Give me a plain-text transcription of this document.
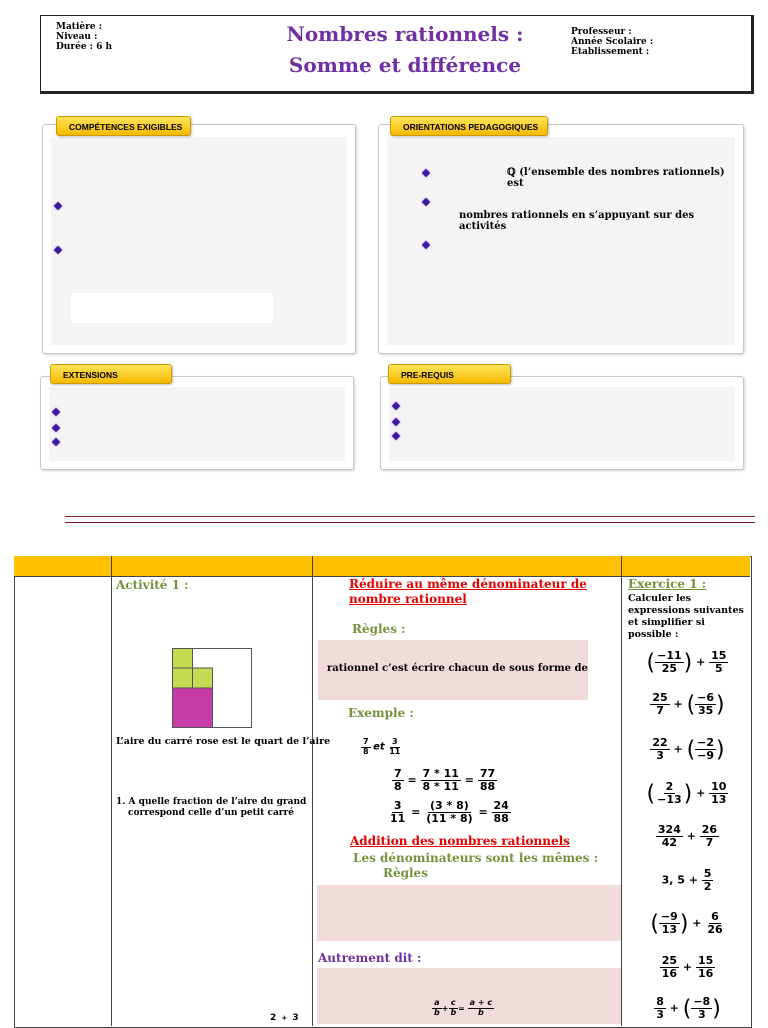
Matière :
Niveau :
Durée : 6 h
Nombres rationnels :
Somme et différence
Professeur :
Année Scolaire :
Etablissement :
COMPÉTENCES EXIGIBLES
ℚ (l’ensemble des nombres rationnels) est
nombres rationnels en s’appuyant sur des activités
ORIENTATIONS PEDAGOGIQUES
EXTENSIONS	PRE-REQUIS
Activité 1 :
L’aire du carré rose est le quart de l’aire
1. A quelle fraction de l’aire du grand
correspond celle d’un petit carré
2 + 3
Réduire au même dénominateur de nombre rationnel
Règles :
rationnel c’est écrire chacun de sous forme de
Exemple :
$\frac{7}{8}$ et $\frac{3}{11}$
$\frac{7}{8} = \frac{7 * 11}{8 * 11} = \frac{77}{88}$
$\frac{3}{11} = \frac{(3 * 8)}{(11 * 8)} = \frac{24}{88}$
Addition des nombres rationnels
Les dénominateurs sont les mêmes :
Règles
Autrement dit :
$\frac{a}{b} + \frac{c}{b} = \frac{a + c}{b}$
Exercice 1 :
Calculer les expressions suivantes et simplifier si possible :
( $\frac{-11}{25}$ ) + $\frac{15}{5}$
$\frac{25}{7}$ + ( $\frac{-6}{35}$ )
$\frac{22}{3}$ + ( $\frac{-2}{-9}$ )
( $\frac{2}{-13}$ ) + $\frac{10}{13}$
$\frac{324}{42} + \frac{26}{7}$
3, $5 + \frac{5}{2}$
( $\frac{-9}{13}$ ) + $\frac{6}{26}$
$\frac{25}{16} + \frac{15}{16}$
$\frac{8}{3}$ + ( $\frac{-8}{3}$ )
